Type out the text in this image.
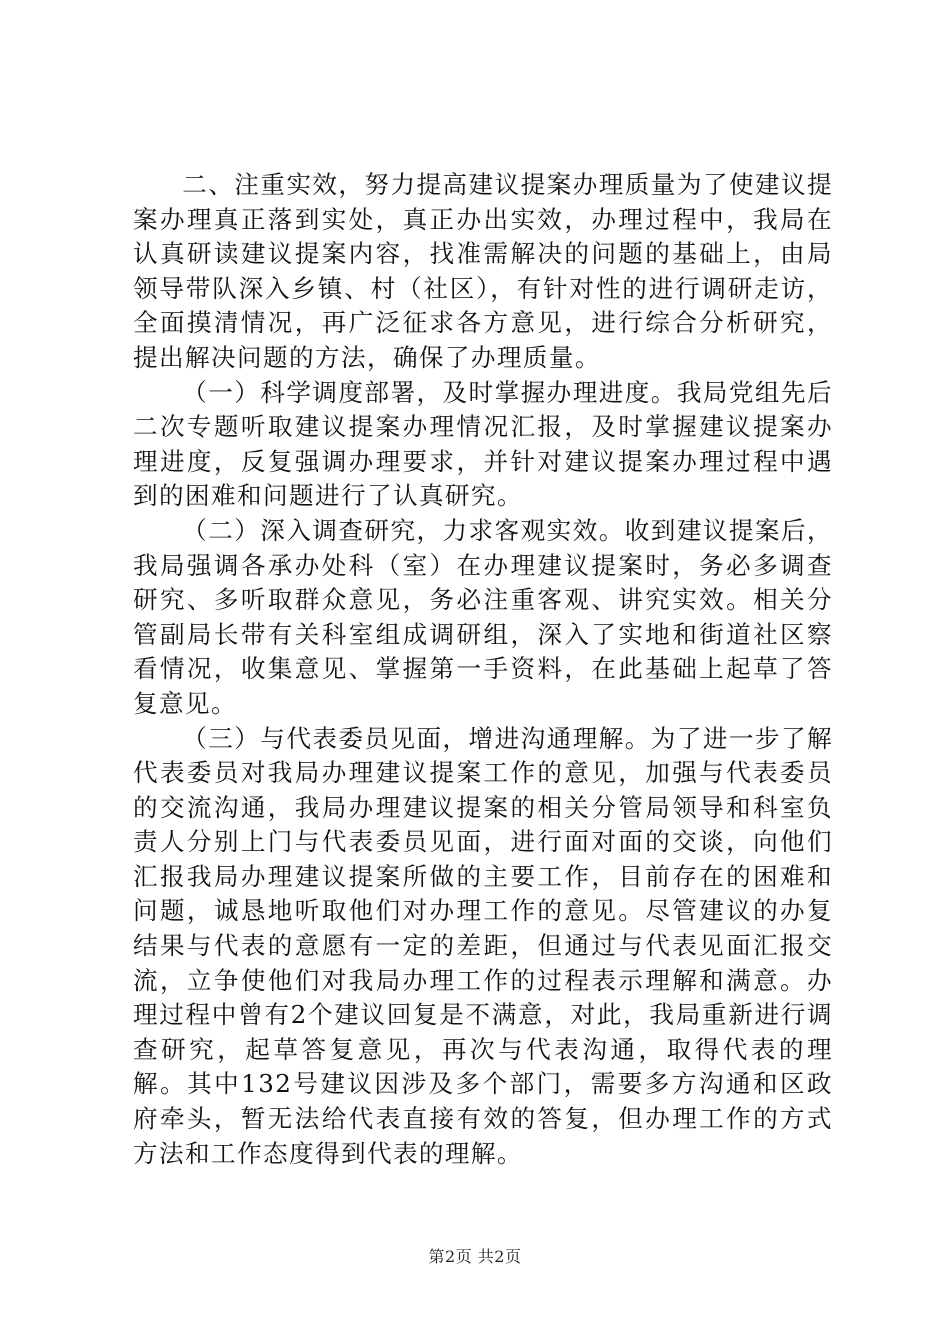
二、注重实效，努力提高建议提案办理质量为了使建议提案办理真正落到实处，真正办出实效，办理过程中，我局在认真研读建议提案内容，找准需解决的问题的基础上，由局领导带队深入乡镇、村（社区），有针对性的进行调研走访，全面摸清情况，再广泛征求各方意见，进行综合分析研究，提出解决问题的方法，确保了办理质量。

（一）科学调度部署，及时掌握办理进度。我局党组先后二次专题听取建议提案办理情况汇报，及时掌握建议提案办理进度，反复强调办理要求，并针对建议提案办理过程中遇到的困难和问题进行了认真研究。

（二）深入调查研究，力求客观实效。收到建议提案后，我局强调各承办处科（室）在办理建议提案时，务必多调查研究、多听取群众意见，务必注重客观、讲究实效。相关分管副局长带有关科室组成调研组，深入了实地和街道社区察看情况，收集意见、掌握第一手资料，在此基础上起草了答复意见。

（三）与代表委员见面，增进沟通理解。为了进一步了解代表委员对我局办理建议提案工作的意见，加强与代表委员的交流沟通，我局办理建议提案的相关分管局领导和科室负责人分别上门与代表委员见面，进行面对面的交谈，向他们汇报我局办理建议提案所做的主要工作，目前存在的困难和问题，诚恳地听取他们对办理工作的意见。尽管建议的办复结果与代表的意愿有一定的差距，但通过与代表见面汇报交流，立争使他们对我局办理工作的过程表示理解和满意。办理过程中曾有2个建议回复是不满意，对此，我局重新进行调查研究，起草答复意见，再次与代表沟通，取得代表的理解。其中132号建议因涉及多个部门，需要多方沟通和区政府牵头，暂无法给代表直接有效的答复，但办理工作的方式方法和工作态度得到代表的理解。

第2页 共2页
